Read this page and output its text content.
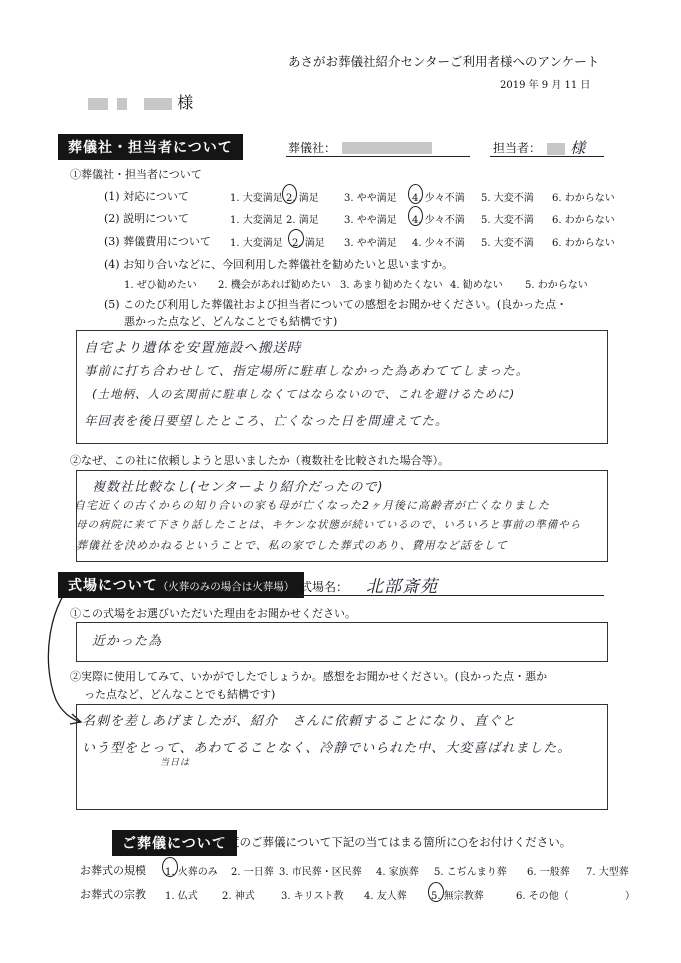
あさがお葬儀社紹介センターご利用者様へのアンケート
2019 年 9 月 11 日
様
葬儀社・担当者について	葬儀社：	担当者：	様
①葬儀社・担当者について
(1) 対応について	1. 大変満足 2. 満足	3. やや満足 4. 少々不満 5. 大変不満 6. わからない
(2) 説明について	1. 大変満足 2. 満足	3. やや満足 4. 少々不満 5. 大変不満 6. わからない
(3) 葬儀費用について 1. 大変満足 2. 満足 3. やや満足 4. 少々不満 5. 大変不満 6. わからない
(4) お知り合いなどに、今回利用した葬儀社を勧めたいと思いますか。
1. ぜひ勧めたい 2. 機会があれば勧めたい 3. あまり勧めたくない 4. 勧めない 5. わからない
(5) このたび利用した葬儀社および担当者についての感想をお聞かせください。(良かった点・
悪かった点など、どんなことでも結構です)
自宅より遺体を安置施設へ搬送時
事前に打ち合わせして、指定場所に駐車しなかった為あわててしまった。
(土地柄、人の玄関前に駐車しなくてはならないので、これを避けるために)
年回表を後日要望したところ、亡くなった日を間違えてた。
②なぜ、この社に依頼しようと思いましたか（複数社を比較された場合等）。
複数社比較なし(センターより紹介だったので)
自宅近くの古くからの知り合いの家も母が亡くなった2ヶ月後に高齢者が亡くなりました
母の病院に来て下さり話したことは、キケンな状態が続いているので、いろいろと事前の準備やら
葬儀社を決めかねるということで、私の家でした葬式のあり、費用など話をして
式場について（火葬のみの場合は火葬場） 式場名： 北部斎苑
①この式場をお選びいただいた理由をお聞かせください。
近かった為
②実際に使用してみて、いかがでしたでしょうか。感想をお聞かせください。(良かった点・悪か
った点など、どんなことでも結構です)
名刺を差しあげましたが、紹介　さんに依頼することになり、直ぐと
いう型をとって、あわてることなく、冷静でいられた中、大変喜ばれました。
当日は
ご葬儀について
この度のご葬儀について下記の当てはまる箇所に○をお付けください。
お葬式の規模 1. 火葬のみ 2. 一日葬 3. 市民葬・区民葬 4. 家族葬 5. こぢんまり葬 6. 一般葬 7. 大型葬
お葬式の宗教 1. 仏式 2. 神式	3. キリスト教 4. 友人葬 5. 無宗教葬	6. その他（	）
